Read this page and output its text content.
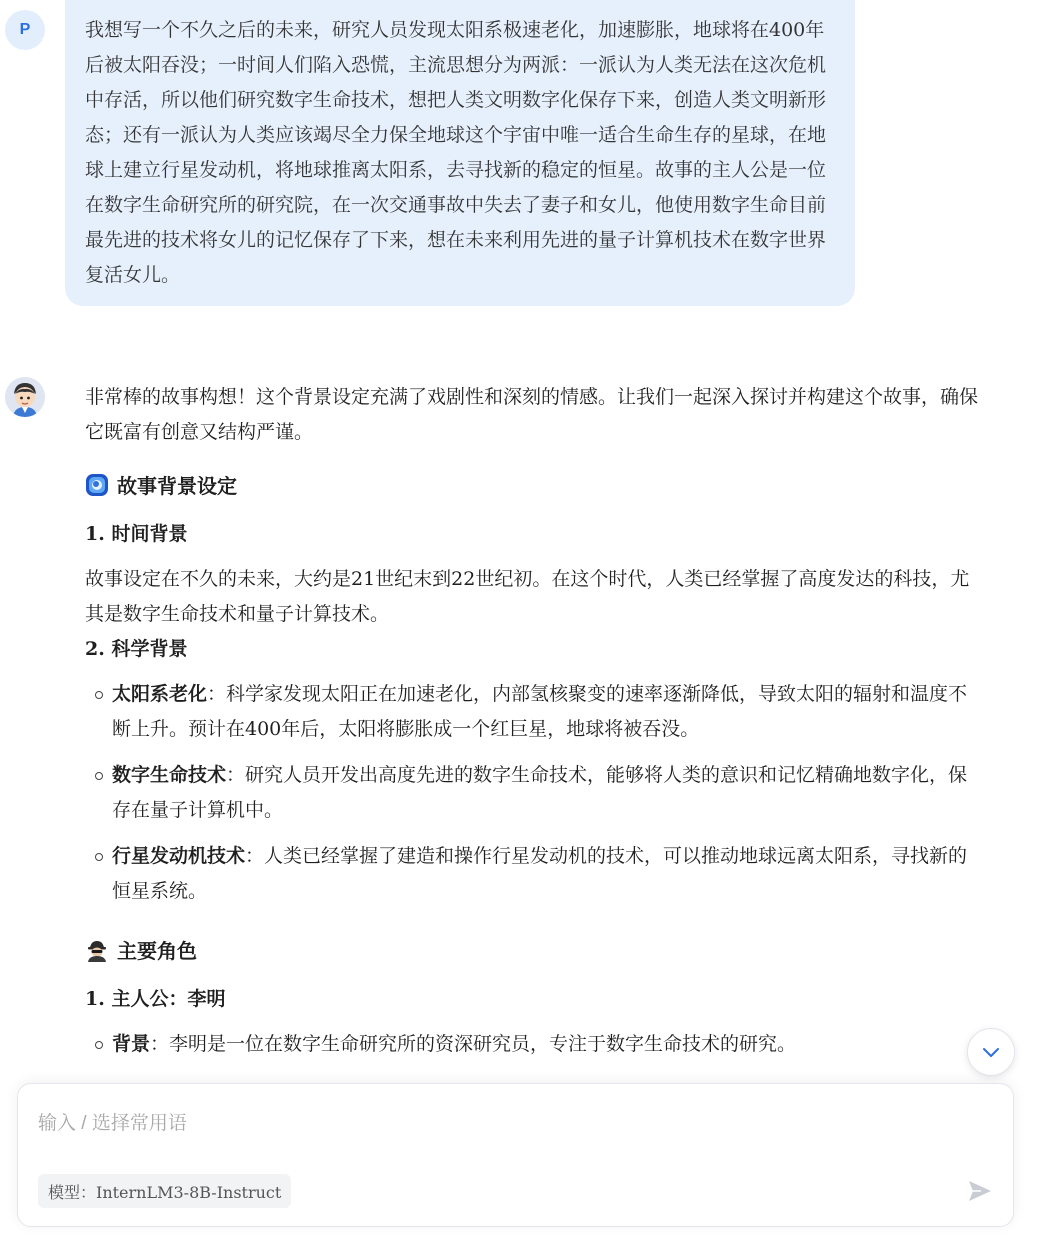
P	我想写一个不久之后的未来，研究人员发现太阳系极速老化，加速膨胀，地球将在400年后被太阳吞没；一时间人们陷入恐慌，主流思想分为两派：一派认为人类无法在这次危机中存活，所以他们研究数字生命技术，想把人类文明数字化保存下来，创造人类文明新形态；还有一派认为人类应该竭尽全力保全地球这个宇宙中唯一适合生命生存的星球，在地球上建立行星发动机，将地球推离太阳系，去寻找新的稳定的恒星。故事的主人公是一位在数字生命研究所的研究院，在一次交通事故中失去了妻子和女儿，他使用数字生命目前最先进的技术将女儿的记忆保存了下来，想在未来利用先进的量子计算机技术在数字世界复活女儿。

非常棒的故事构想！这个背景设定充满了戏剧性和深刻的情感。让我们一起深入探讨并构建这个故事，确保它既富有创意又结构严谨。

故事背景设定
1. 时间背景

故事设定在不久的未来，大约是21世纪末到22世纪初。在这个时代，人类已经掌握了高度发达的科技，尤其是数字生命技术和量子计算技术。

2. 科学背景
太阳系老化：科学家发现太阳正在加速老化，内部氢核聚变的速率逐渐降低，导致太阳的辐射和温度不断上升。预计在400年后，太阳将膨胀成一个红巨星，地球将被吞没。
数字生命技术：研究人员开发出高度先进的数字生命技术，能够将人类的意识和记忆精确地数字化，保存在量子计算机中。
行星发动机技术：人类已经掌握了建造和操作行星发动机的技术，可以推动地球远离太阳系，寻找新的恒星系统。
主要角色
1. 主人公：李明
背景：李明是一位在数字生命研究所的资深研究员，专注于数字生命技术的研究。
输入 / 选择常用语
模型：InternLM3-8B-Instruct
